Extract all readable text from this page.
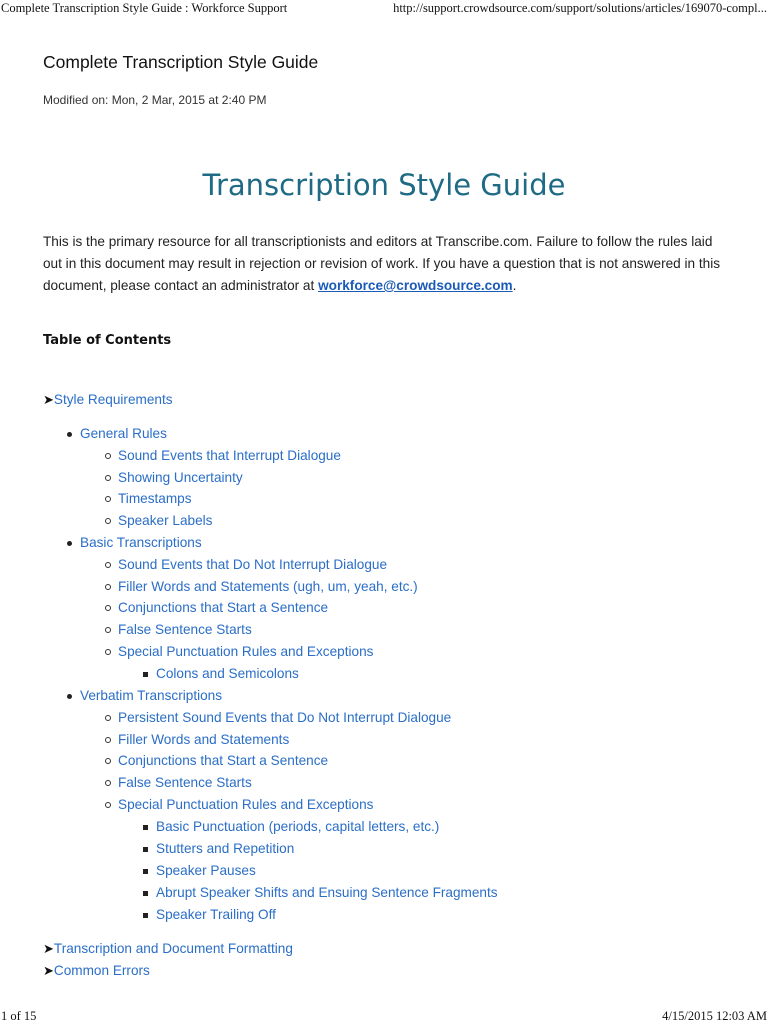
Complete Transcription Style Guide : Workforce Support	http://support.crowdsource.com/support/solutions/articles/169070-compl...
Complete Transcription Style Guide
Modified on: Mon, 2 Mar, 2015 at 2:40 PM
Transcription Style Guide
This is the primary resource for all transcriptionists and editors at Transcribe.com. Failure to follow the rules laid out in this document may result in rejection or revision of work. If you have a question that is not answered in this document, please contact an administrator at workforce@crowdsource.com.
Table of Contents
➤Style Requirements
General Rules
Sound Events that Interrupt Dialogue
Showing Uncertainty
Timestamps
Speaker Labels
Basic Transcriptions
Sound Events that Do Not Interrupt Dialogue
Filler Words and Statements (ugh, um, yeah, etc.)
Conjunctions that Start a Sentence
False Sentence Starts
Special Punctuation Rules and Exceptions
Colons and Semicolons
Verbatim Transcriptions
Persistent Sound Events that Do Not Interrupt Dialogue
Filler Words and Statements
Conjunctions that Start a Sentence
False Sentence Starts
Special Punctuation Rules and Exceptions
Basic Punctuation (periods, capital letters, etc.)
Stutters and Repetition
Speaker Pauses
Abrupt Speaker Shifts and Ensuing Sentence Fragments
Speaker Trailing Off
➤Transcription and Document Formatting
➤Common Errors
1 of 15	4/15/2015 12:03 AM
